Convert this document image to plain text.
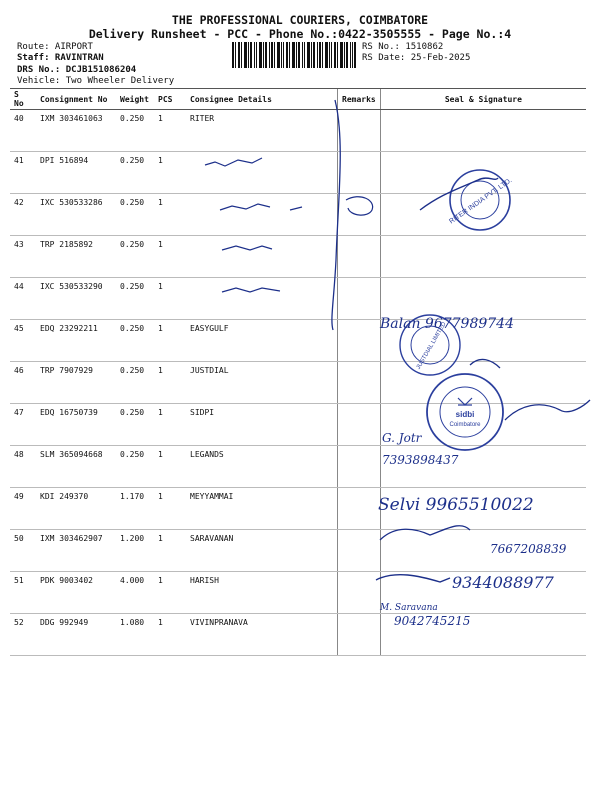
THE PROFESSIONAL COURIERS, COIMBATORE
Delivery Runsheet - PCC - Phone No.:0422-3505555 - Page No.:4
Route: AIRPORT
Staff: RAVINTRAN
DRS No.: DCJB151086204
Vehicle: Two Wheeler Delivery
RS No.: 1510862
RS Date: 25-Feb-2025
S No	Consignment No	Weight	PCS	Consignee Details	Remarks	Seal & Signature
40	IXM 303461063	0.250	1	RITER		
41	DPI 516894	0.250	1			
42	IXC 530533286	0.250	1			
43	TRP 2185892	0.250	1			
44	IXC 530533290	0.250	1			
45	EDQ 23292211	0.250	1	EASYGULF		
46	TRP 7907929	0.250	1	JUSTDIAL		
47	EDQ 16750739	0.250	1	SIDPI		
48	SLM 365094668	0.250	1	LEGANDS		
49	KDI 249370	1.170	1	MEYYAMMAI		
50	IXM 303462907	1.200	1	SARAVANAN		
51	PDK 9003402	4.000	1	HARISH		
52	DDG 992949	1.080	1	VIVINPRANAVA		
RITER INDIA PVT. LTD.
JUSTDIAL LIMITED
sidbi
Coimbatore
Balan 9677989744
G. Jotr
7393898437
Selvi 9965510022
7667208839
9344088977
M. Saravana
9042745215
